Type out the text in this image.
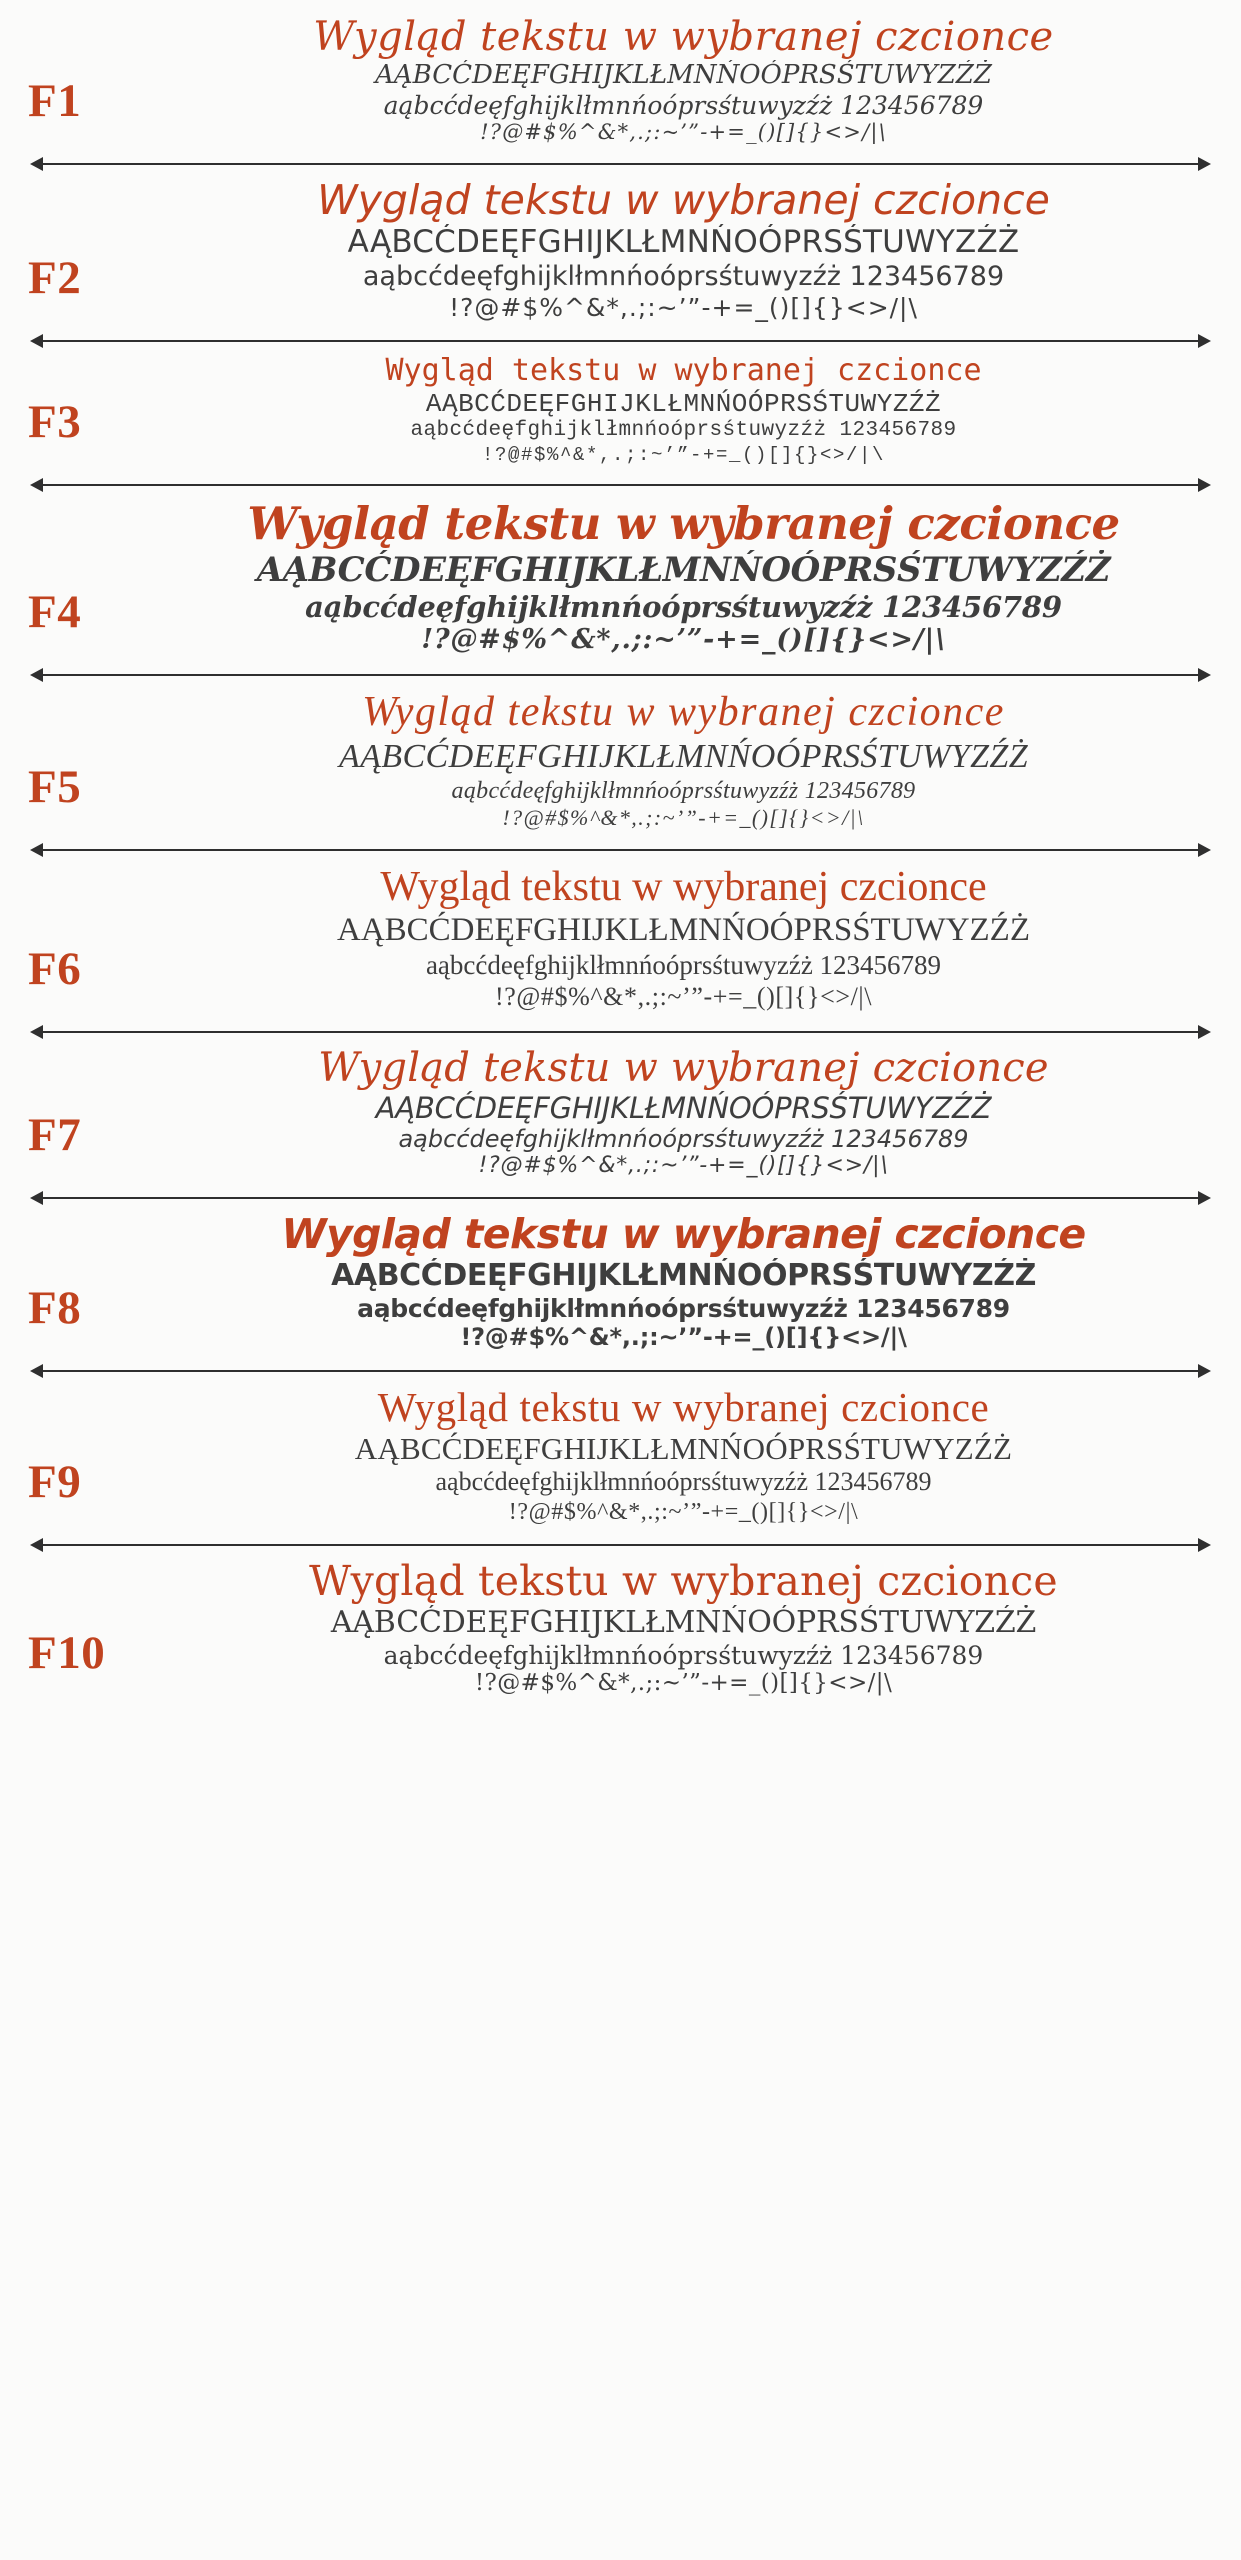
F1
Wygląd tekstu w wybranej czcionce
AĄBCĆDEĘFGHIJKLŁMNŃOÓPRSŚTUWYZŹŻ
aąbcćdeęfghijklłmnńoóprsśtuwyzźż 123456789
!?@#$%^&*,.;:~’”-+=_()[]{}<>/|\
F2
Wygląd tekstu w wybranej czcionce
AĄBCĆDEĘFGHIJKLŁMNŃOÓPRSŚTUWYZŹŻ
aąbcćdeęfghijklłmnńoóprsśtuwyzźż 123456789
!?@#$%^&*,.;:~’”-+=_()[]{}<>/|\
F3
Wygląd tekstu w wybranej czcionce
AĄBCĆDEĘFGHIJKLŁMNŃOÓPRSŚTUWYZŹŻ
aąbcćdeęfghijklłmnńoóprsśtuwyzźż 123456789
!?@#$%^&*,.;:~’”-+=_()[]{}<>/|\
F4
Wygląd tekstu w wybranej czcionce
AĄBCĆDEĘFGHIJKLŁMNŃOÓPRSŚTUWYZŹŻ
aąbcćdeęfghijklłmnńoóprsśtuwyzźż 123456789
!?@#$%^&*,.;:~’”-+=_()[]{}<>/|\
F5
Wygląd tekstu w wybranej czcionce
AĄBCĆDEĘFGHIJKLŁMNŃOÓPRSŚTUWYZŹŻ
aąbcćdeęfghijklłmnńoóprsśtuwyzźż 123456789
!?@#$%^&*,.;:~’”-+=_()[]{}<>/|\
F6
Wygląd tekstu w wybranej czcionce
AĄBCĆDEĘFGHIJKLŁMNŃOÓPRSŚTUWYZŹŻ
aąbcćdeęfghijklłmnńoóprsśtuwyzźż 123456789
!?@#$%^&*,.;:~’”-+=_()[]{}<>/|\
F7
Wygląd tekstu w wybranej czcionce
AĄBCĆDEĘFGHIJKLŁMNŃOÓPRSŚTUWYZŹŻ
aąbcćdeęfghijklłmnńoóprsśtuwyzźż 123456789
!?@#$%^&*,.;:~’”-+=_()[]{}<>/|\
F8
Wygląd tekstu w wybranej czcionce
AĄBCĆDEĘFGHIJKLŁMNŃOÓPRSŚTUWYZŹŻ
aąbcćdeęfghijklłmnńoóprsśtuwyzźż 123456789
!?@#$%^&*,.;:~’”-+=_()[]{}<>/|\
F9
Wygląd tekstu w wybranej czcionce
AĄBCĆDEĘFGHIJKLŁMNŃOÓPRSŚTUWYZŹŻ
aąbcćdeęfghijklłmnńoóprsśtuwyzźż 123456789
!?@#$%^&*,.;:~’”-+=_()[]{}<>/|\
F10
Wygląd tekstu w wybranej czcionce
AĄBCĆDEĘFGHIJKLŁMNŃOÓPRSŚTUWYZŹŻ
aąbcćdeęfghijklłmnńoóprsśtuwyzźż 123456789
!?@#$%^&*,.;:~’”-+=_()[]{}<>/|\
